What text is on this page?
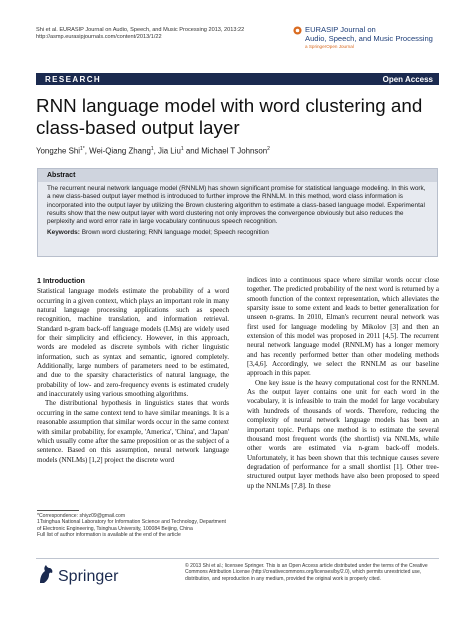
Shi et al. EURASIP Journal on Audio, Speech, and Music Processing 2013, 2013:22
http://asmp.eurasipjournals.com/content/2013/1/22
EURASIP Journal on
Audio, Speech, and Music Processing
a SpringerOpen Journal
RESEARCH	Open Access
RNN language model with word clustering and class-based output layer
Yongzhe Shi$^{1*}$, Wei-Qiang Zhang$^1$, Jia Liu$^1$ and Michael T Johnson$^2$
Abstract
The recurrent neural network language model (RNNLM) has shown significant promise for statistical language modeling. In this work, a new class-based output layer method is introduced to further improve the RNNLM. In this method, word class information is incorporated into the output layer by utilizing the Brown clustering algorithm to estimate a class-based language model. Experimental results show that the new output layer with word clustering not only improves the convergence obviously but also reduces the perplexity and word error rate in large vocabulary continuous speech recognition.
Keywords: Brown word clustering; RNN language model; Speech recognition
1 Introduction

Statistical language models estimate the probability of a word occurring in a given context, which plays an important role in many natural language processing applications such as speech recognition, machine translation, and information retrieval. Standard n-gram back-off language models (LMs) are widely used for their simplicity and efficiency. However, in this approach, words are modeled as discrete symbols with richer linguistic information, such as syntax and semantic, ignored completely. Additionally, large numbers of parameters need to be estimated, and due to the sparsity characteristics of natural language, the probability of low- and zero-frequency events is estimated crudely and inaccurately using various smoothing algorithms.

The distributional hypothesis in linguistics states that words occurring in the same context tend to have similar meanings. It is a reasonable assumption that similar words occur in the same context with similar probability, for example, 'America', 'China', and 'Japan' which usually come after the same preposition or as the subject of a sentence. Based on this assumption, neural network language models (NNLMs) [1,2] project the discrete word

indices into a continuous space where similar words occur close together. The predicted probability of the next word is returned by a smooth function of the context representation, which alleviates the sparsity issue to some extent and leads to better generalization for unseen n-grams. In 2010, Elman's recurrent neural network was first used for language modeling by Mikolov [3] and then an extension of this model was proposed in 2011 [4,5]. The recurrent neural network language model (RNNLM) has a longer memory and has recently performed better than other modeling methods [3,4,6]. Accordingly, we select the RNNLM as our baseline approach in this paper.

One key issue is the heavy computational cost for the RNNLM. As the output layer contains one unit for each word in the vocabulary, it is infeasible to train the model for large vocabulary with hundreds of thousands of words. Therefore, reducing the complexity of neural network language models has been an important topic. Perhaps one method is to estimate the several thousand most frequent words (the shortlist) via NNLMs, while other words are estimated via n-gram back-off models. Unfortunately, it has been shown that this technique causes severe degradation of performance for a small shortlist [1]. Other tree-structured output layer methods have also been proposed to speed up the NNLMs [7,8]. In these

*Correspondence: shiyz09@gmail.com
1Tsinghua National Laboratory for Information Science and Technology, Department of Electronic Engineering, Tsinghua University, 100084 Beijing, China
Full list of author information is available at the end of the article
Springer
© 2013 Shi et al.; licensee Springer. This is an Open Access article distributed under the terms of the Creative Commons Attribution License (http://creativecommons.org/licenses/by/2.0), which permits unrestricted use, distribution, and reproduction in any medium, provided the original work is properly cited.
